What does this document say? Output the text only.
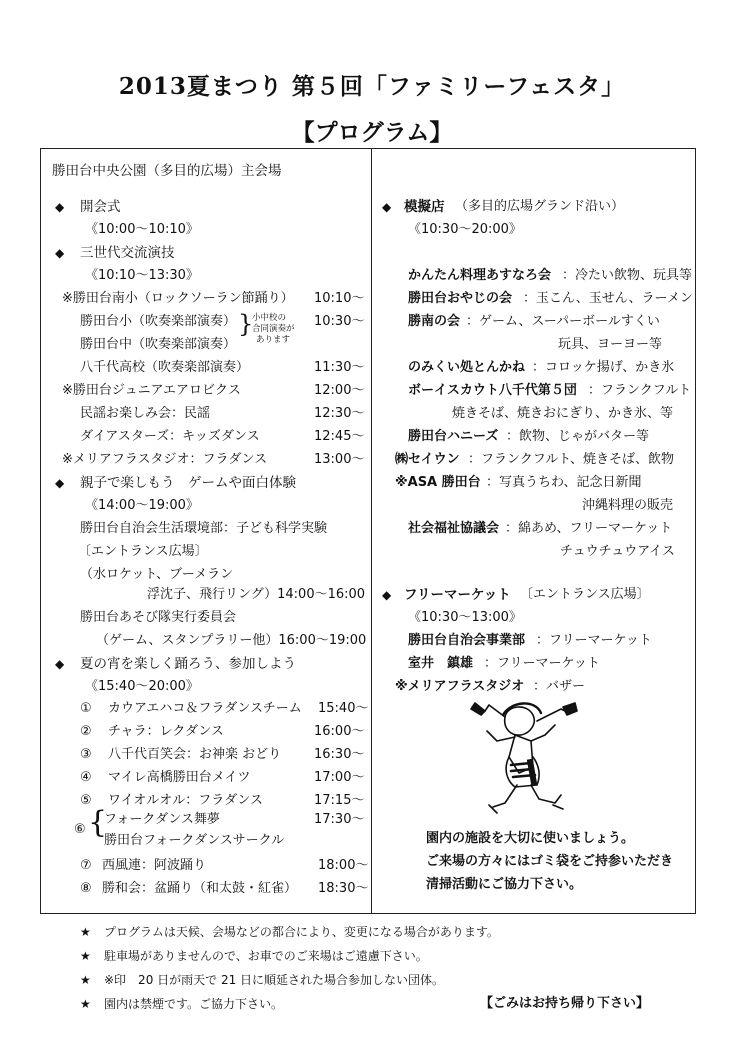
2013夏まつり 第５回「ファミリーフェスタ」
【プログラム】
勝田台中央公園（多目的広場）主会場
◆ 開会式
《10:00～10:10》
◆ 三世代交流演技
《10:10～13:30》
※勝田台南小（ロックソーラン節踊り） 10:10～
勝田台小（吹奏楽部演奏）	10:30～
勝田台中（吹奏楽部演奏）
}
小中校の
合同演奏が
あります
八千代高校（吹奏楽部演奏）	11:30～
※勝田台ジュニアエアロビクス	12:00～
民謡お楽しみ会：民謡	12:30～
ダイアスターズ：キッズダンス	12:45～
※メリアフラスタジオ：フラダンス	13:00～
◆ 親子で楽しもう　ゲームや面白体験
《14:00～19:00》
勝田台自治会生活環境部：子ども科学実験
〔エントランス広場〕
（水ロケット、ブーメラン
浮沈子、飛行リング）14:00～16:00
勝田台あそび隊実行委員会
（ゲーム、スタンプラリー他）16:00～19:00
◆ 夏の宵を楽しく踊ろう、参加しよう
《15:40～20:00》
① カウアエハコ＆フラダンスチーム 15:40～
② チャラ：レクダンス	16:00～
③ 八千代百笑会：お神楽 おどり	16:30～
④ マイレ高橋勝田台メイツ	17:00～
⑤ ワイオルオル：フラダンス	17:15～
⑥ {
フォークダンス舞夢	17:30～
勝田台フォークダンスサークル
⑦ 西風連：阿波踊り	18:00～
⑧ 勝和会：盆踊り（和太鼓・紅雀） 18:30～
◆ 模擬店 （多目的広場グランド沿い）
《10:30～20:00》
かんたん料理あすなろ会 ：冷たい飲物、玩具等
勝田台おやじの会 ：玉こん、玉せん、ラーメン
勝南の会 ：ゲーム、スーパーボールすくい
玩具、ヨーヨー等
のみくい処とんかね ：コロッケ揚げ、かき氷
ボーイスカウト八千代第５団 ：フランクフルト
焼きそば、焼きおにぎり、かき氷、等
勝田台ハニーズ ：飲物、じゃがバター等
㈱セイウン ：フランクフルト、焼きそば、飲物
※ASA 勝田台 ：写真うちわ、記念日新聞
沖縄料理の販売
社会福祉協議会 ：綿あめ、フリーマーケット
チュウチュウアイス
◆ フリーマーケット 〔エントランス広場〕
《10:30～13:00》
勝田台自治会事業部 ：フリーマーケット
室井　鎮雄 ：フリーマーケット
※メリアフラスタジオ ：バザー
園内の施設を大切に使いましょう。
ご来場の方々にはゴミ袋をご持参いただき
清掃活動にご協力下さい。
★ プログラムは天候、会場などの都合により、変更になる場合があります。
★ 駐車場がありませんので、お車でのご来場はご遠慮下さい。
★ ※印　20 日が雨天で 21 日に順延された場合参加しない団体。
★ 園内は禁煙です。ご協力下さい。	【ごみはお持ち帰り下さい】
